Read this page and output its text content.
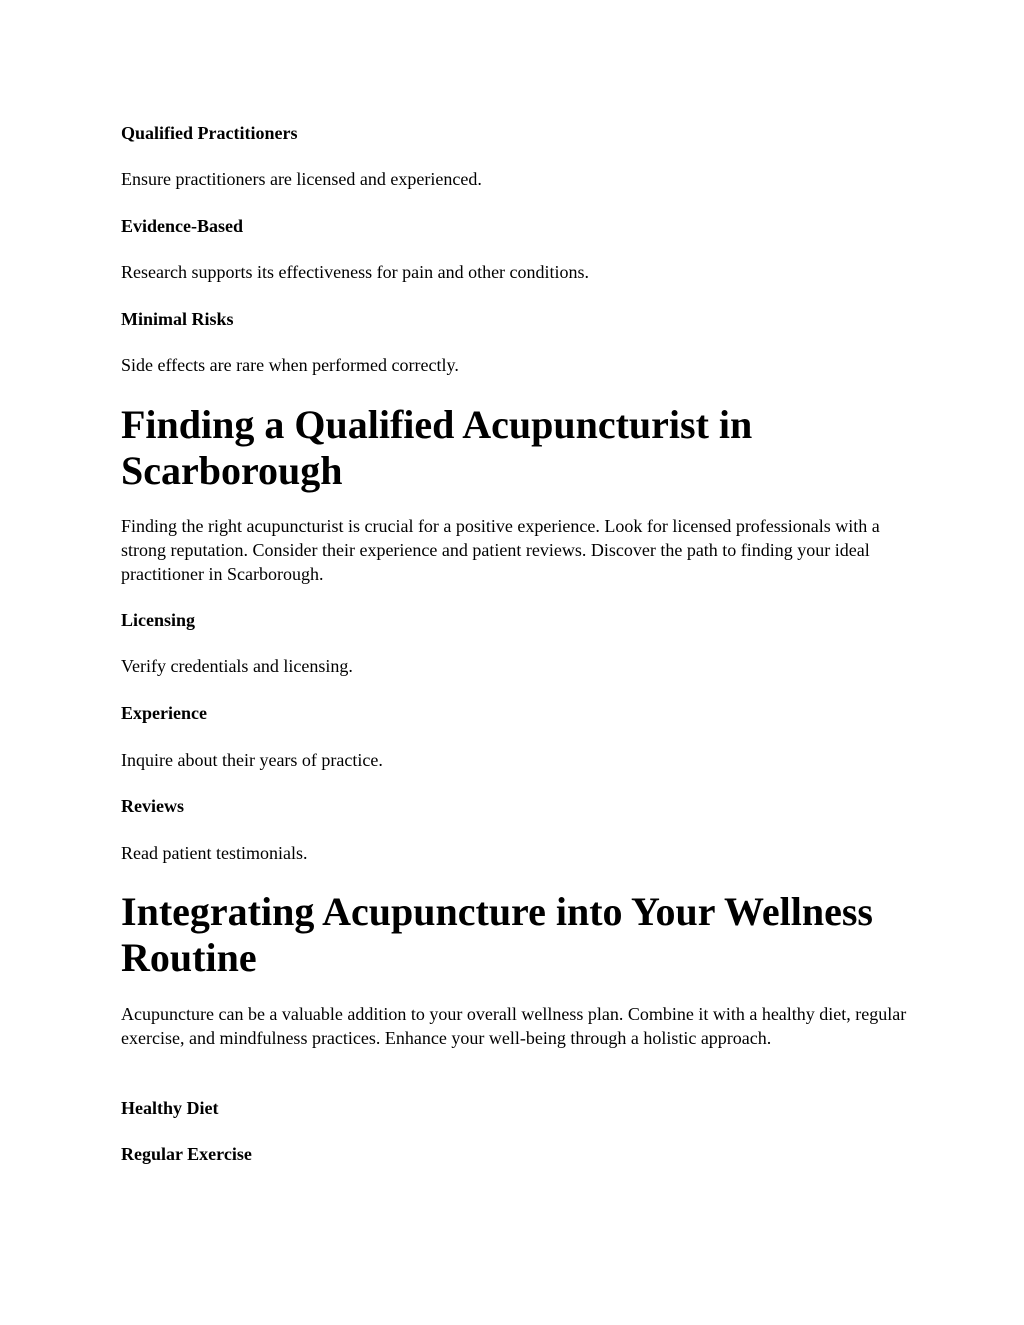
Qualified Practitioners

Ensure practitioners are licensed and experienced.

Evidence-Based

Research supports its effectiveness for pain and other conditions.

Minimal Risks

Side effects are rare when performed correctly.

Finding a Qualified Acupuncturist in Scarborough

Finding the right acupuncturist is crucial for a positive experience. Look for licensed professionals with a strong reputation. Consider their experience and patient reviews. Discover the path to finding your ideal practitioner in Scarborough.

Licensing

Verify credentials and licensing.

Experience

Inquire about their years of practice.

Reviews

Read patient testimonials.

Integrating Acupuncture into Your Wellness Routine

Acupuncture can be a valuable addition to your overall wellness plan. Combine it with a healthy diet, regular exercise, and mindfulness practices. Enhance your well-being through a holistic approach.

Healthy Diet

Regular Exercise
